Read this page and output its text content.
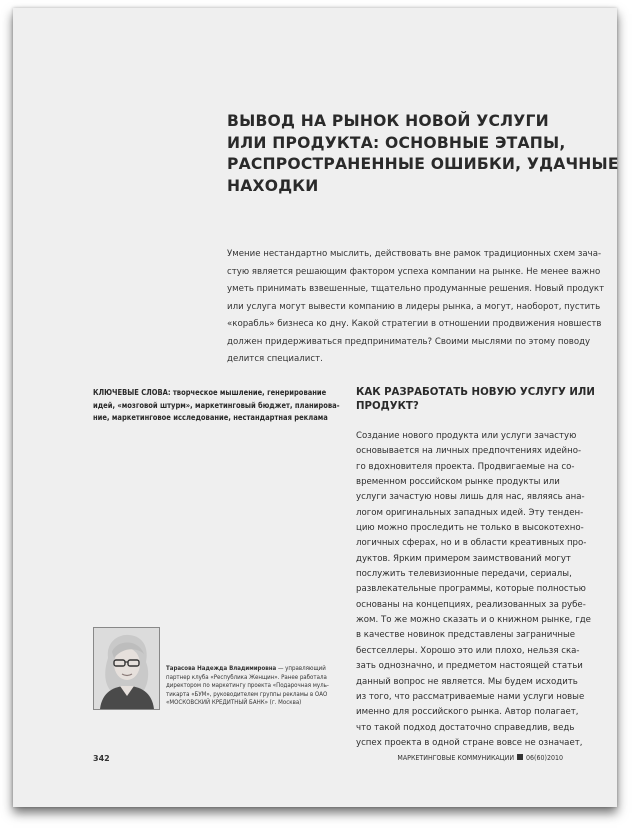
ВЫВОД НА РЫНОК НОВОЙ УСЛУГИ
ИЛИ ПРОДУКТА: ОСНОВНЫЕ ЭТАПЫ,
РАСПРОСТРАНЕННЫЕ ОШИБКИ, УДАЧНЫЕ
НАХОДКИ

Умение нестандартно мыслить, действовать вне рамок традиционных схем зача-
стую является решающим фактором успеха компании на рынке. Не менее важно
уметь принимать взвешенные, тщательно продуманные решения. Новый продукт
или услуга могут вывести компанию в лидеры рынка, а могут, наоборот, пустить
«корабль» бизнеса ко дну. Какой стратегии в отношении продвижения новшеств
должен придерживаться предприниматель? Своими мыслями по этому поводу
делится специалист.

КЛЮЧЕВЫЕ СЛОВА: творческое мышление, генерирование
идей, «мозговой штурм», маркетинговый бюджет, планирова-
ние, маркетинговое исследование, нестандартная реклама

КАК РАЗРАБОТАТЬ НОВУЮ УСЛУГУ ИЛИ
ПРОДУКТ?

Создание нового продукта или услуги зачастую
основывается на личных предпочтениях идейно-
го вдохновителя проекта. Продвигаемые на со-
временном российском рынке продукты или
услуги зачастую новы лишь для нас, являясь ана-
логом оригинальных западных идей. Эту тенден-
цию можно проследить не только в высокотехно-
логичных сферах, но и в области креативных про-
дуктов. Ярким примером заимствований могут
послужить телевизионные передачи, сериалы,
развлекательные программы, которые полностью
основаны на концепциях, реализованных за рубе-
жом. То же можно сказать и о книжном рынке, где
в качестве новинок представлены заграничные
бестселлеры. Хорошо это или плохо, нельзя ска-
зать однозначно, и предметом настоящей статьи
данный вопрос не является. Мы будем исходить
из того, что рассматриваемые нами услуги новые
именно для российского рынка. Автор полагает,
что такой подход достаточно справедлив, ведь
успех проекта в одной стране вовсе не означает,

Тарасова Надежда Владимировна — управляющий
партнер клуба «Республика Женщин». Ранее работала
директором по маркетингу проекта «Подарочная муль-
тикарта «БУМ», руководителем группы рекламы в ОАО
«МОСКОВСКИЙ КРЕДИТНЫЙ БАНК» (г. Москва)

342	МАРКЕТИНГОВЫЕ КОММУНИКАЦИИ 06(60)2010
